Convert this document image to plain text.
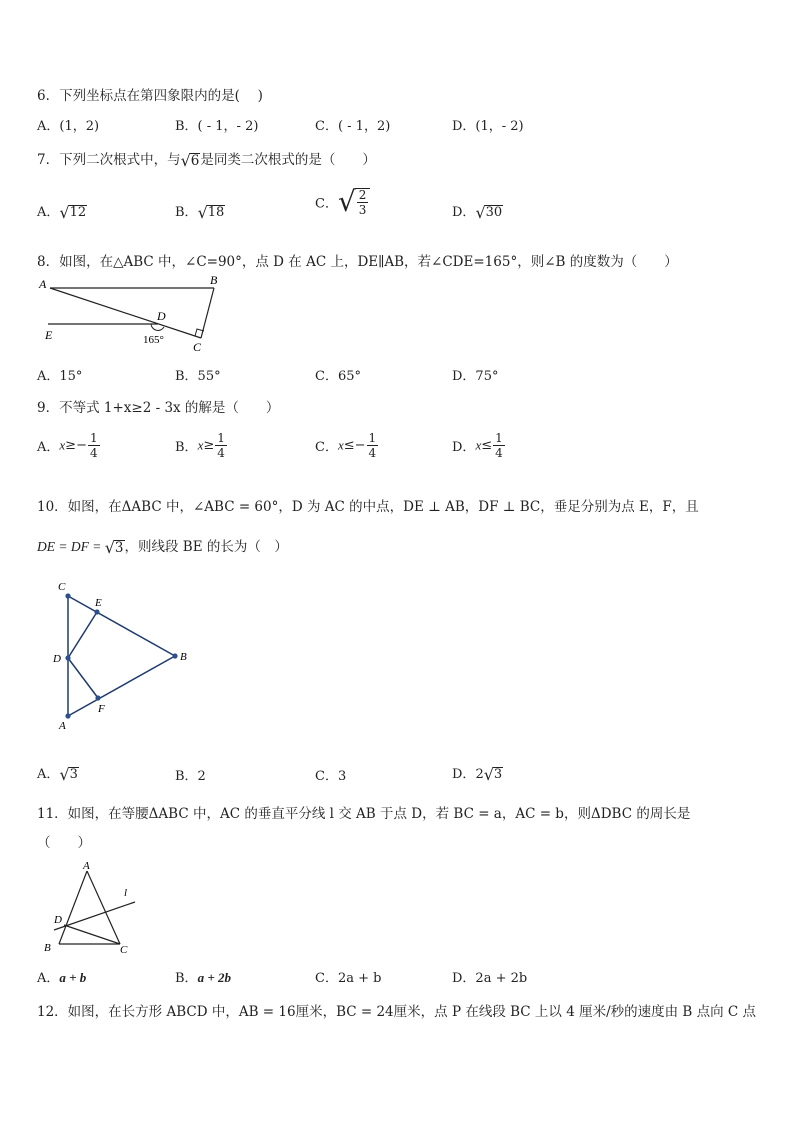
6．下列坐标点在第四象限内的是(　 )
A．(1，2)	B．( - 1，- 2)	C．( - 1，2)	D．(1，- 2)
7．下列二次根式中，与 √ 6 是同类二次根式的是（　　）
A． √ 12	B． √ 18
C． √ $\frac{2}{3}$	D． √ 30
8．如图，在△ABC 中，∠C=90°，点 D 在 AC 上，DE∥AB，若∠CDE=165°，则∠B 的度数为（　　）
A	B
C
D
E	165°
A．15°	B．55°	C．65°	D．75°
9．不等式 1+x≥2 - 3x 的解是（　　）
A．$x\ge- \frac{1}{4}$	B．$x\ge \frac{1}{4}$	C．$x\le- \frac{1}{4}$	D．$x\le \frac{1}{4}$
10．如图，在ΔABC 中，∠ABC = 60°，D 为 AC 的中点，DE ⊥ AB，DF ⊥ BC，垂足分别为点 E，F，且
DE = DF = √ 3 ，则线段 BE 的长为（　）
C
E
D	B
F
A
A． √ 3	B．2	C．3	D．2 √ 3
11．如图，在等腰ΔABC 中，AC 的垂直平分线 l 交 AB 于点 D，若 BC = a，AC = b，则ΔDBC 的周长是
（　　）
A
l
D
B	C
A．a + b	B．a + 2b	C．2a + b	D．2a + 2b
12．如图，在长方形 ABCD 中，AB = 16厘米，BC = 24厘米，点 P 在线段 BC 上以 4 厘米/秒的速度由 B 点向 C 点
